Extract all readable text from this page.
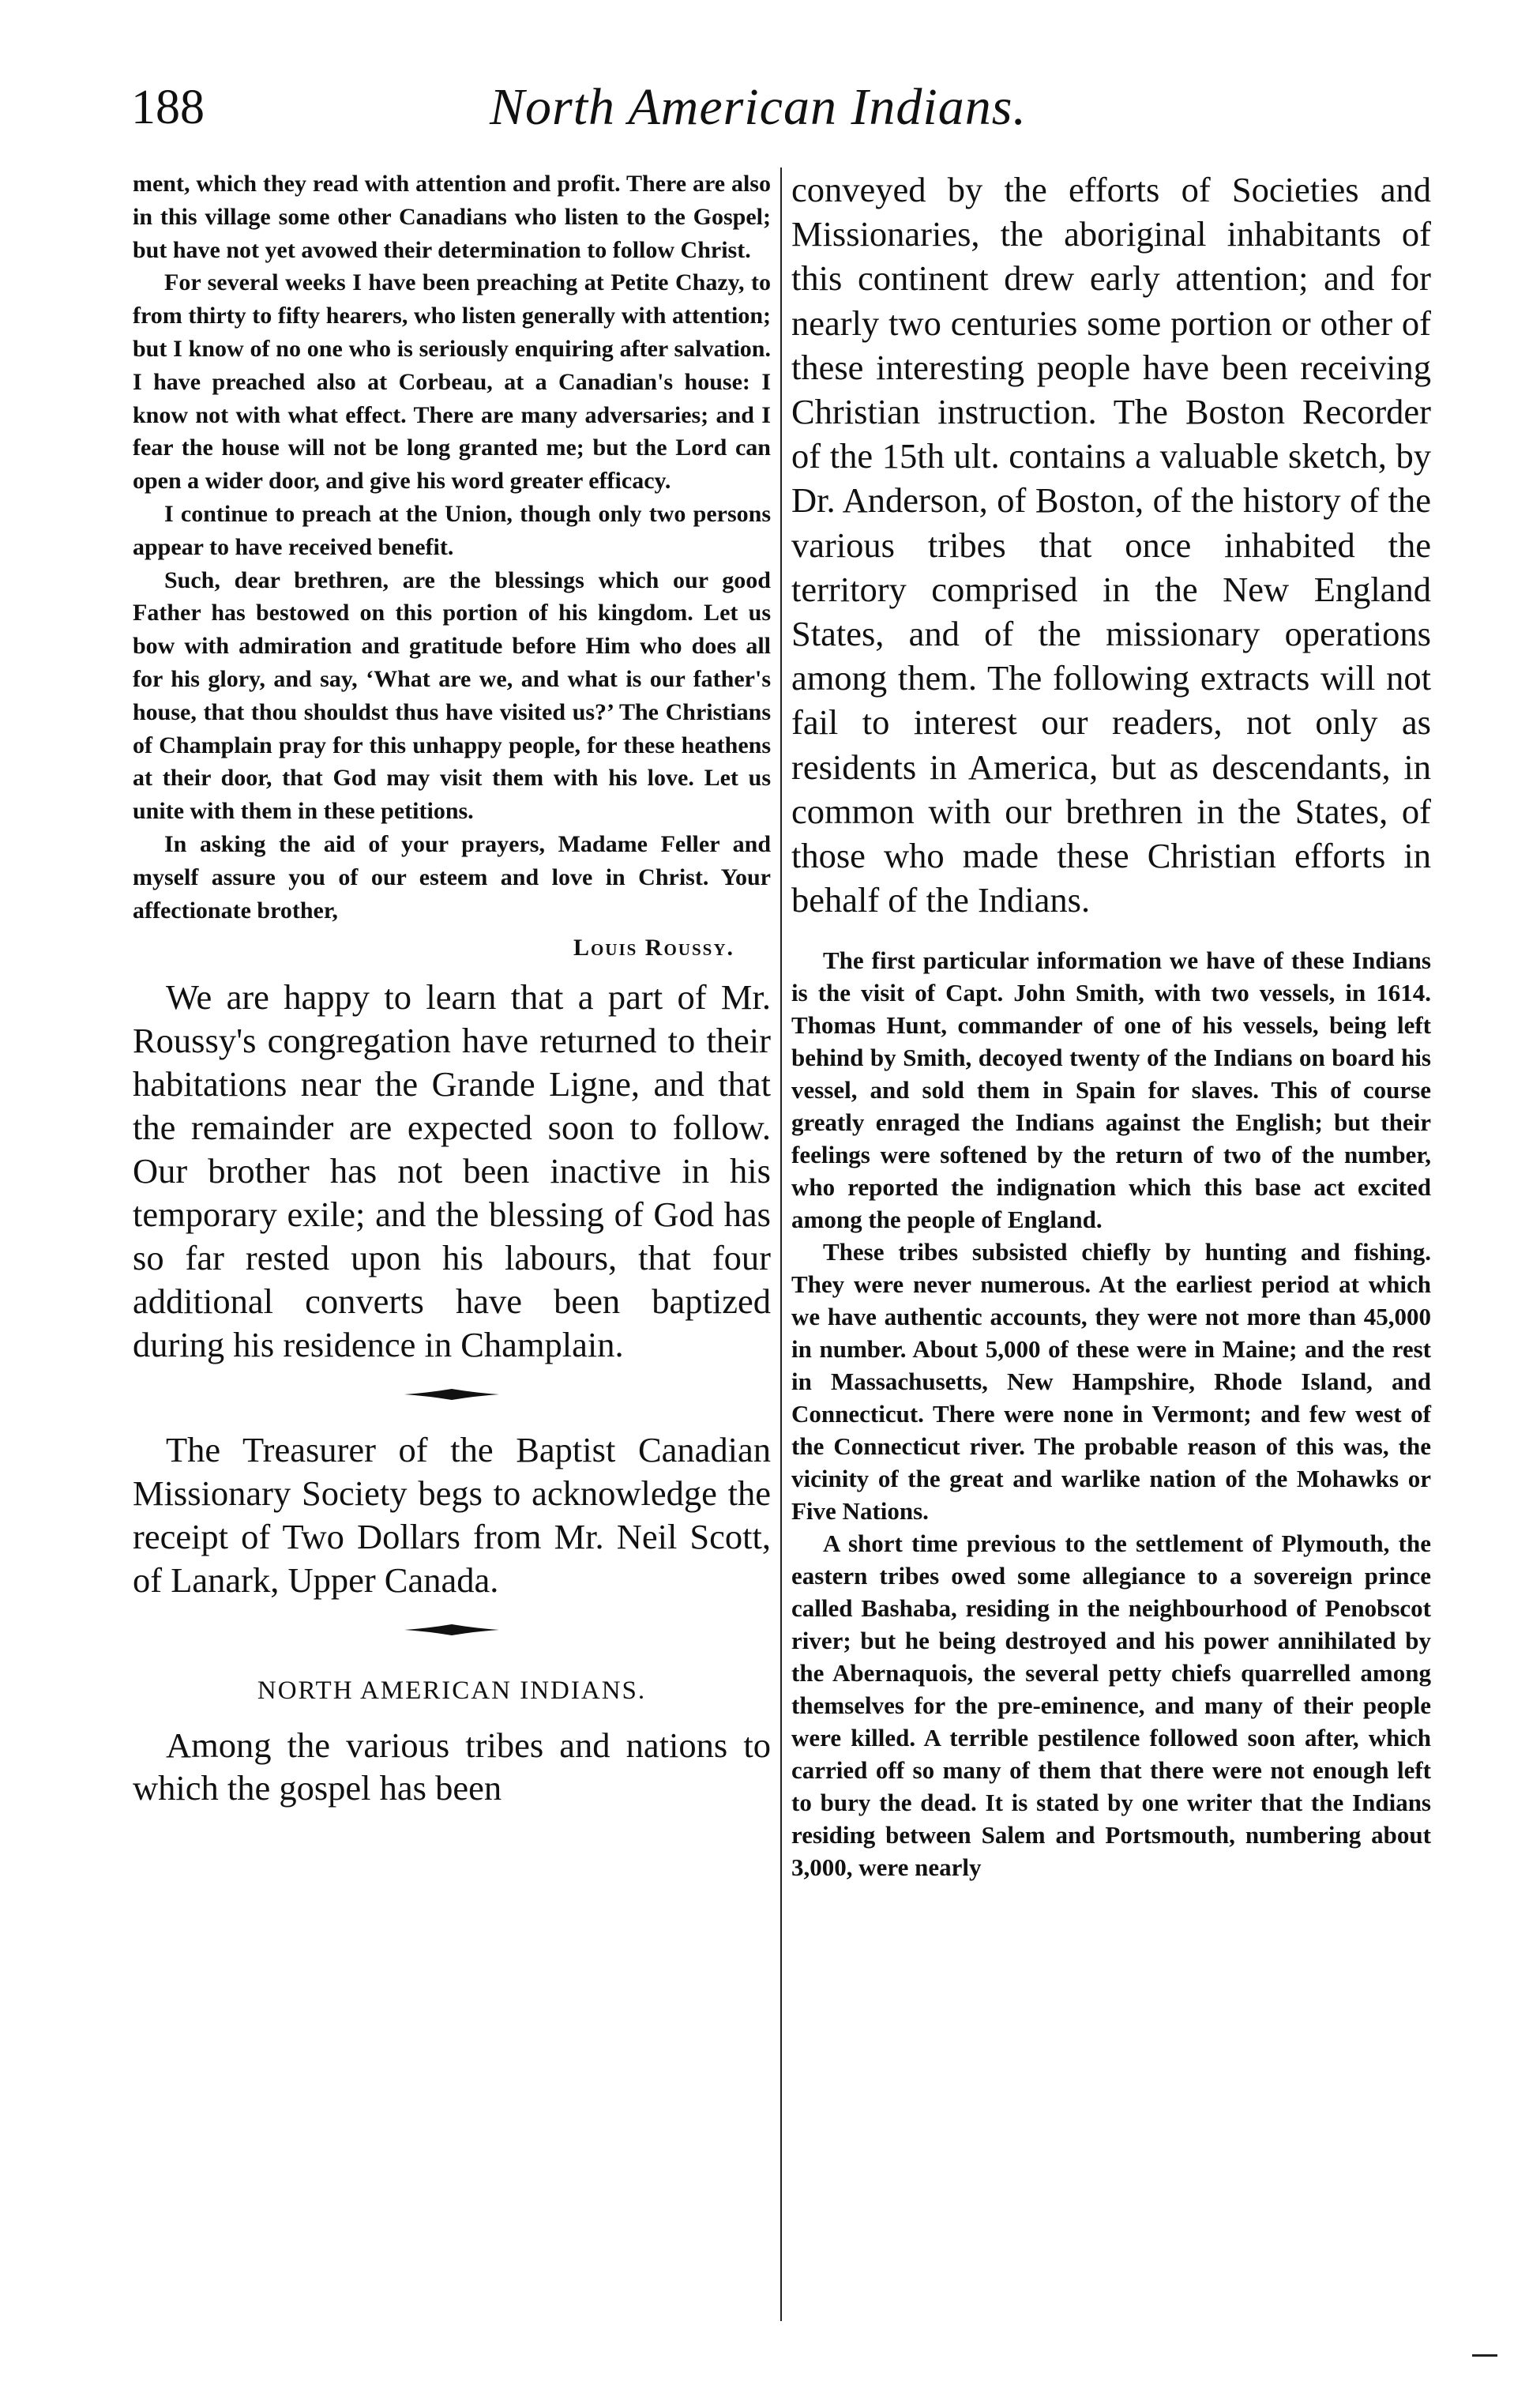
188	North American Indians.

ment, which they read with attention and profit. There are also in this village some other Canadians who listen to the Gospel; but have not yet avowed their determination to follow Christ.

For several weeks I have been preaching at Petite Chazy, to from thirty to fifty hearers, who listen generally with attention; but I know of no one who is seriously enquiring after salvation. I have preached also at Corbeau, at a Canadian's house: I know not with what effect. There are many adversaries; and I fear the house will not be long granted me; but the Lord can open a wider door, and give his word greater efficacy.

I continue to preach at the Union, though only two persons appear to have received benefit.

Such, dear brethren, are the blessings which our good Father has bestowed on this portion of his kingdom. Let us bow with admiration and gratitude before Him who does all for his glory, and say, ‘What are we, and what is our father's house, that thou shouldst thus have visited us?’ The Christians of Champlain pray for this unhappy people, for these heathens at their door, that God may visit them with his love. Let us unite with them in these petitions.

In asking the aid of your prayers, Madame Feller and myself assure you of our esteem and love in Christ. Your affectionate brother,

Louis Roussy.

We are happy to learn that a part of Mr. Roussy's congregation have returned to their habitations near the Grande Ligne, and that the remainder are expected soon to follow. Our brother has not been inactive in his temporary exile; and the blessing of God has so far rested upon his labours, that four additional converts have been baptized during his residence in Champlain.

The Treasurer of the Baptist Canadian Missionary Society begs to acknowledge the receipt of Two Dollars from Mr. Neil Scott, of Lanark, Upper Canada.

NORTH AMERICAN INDIANS.

Among the various tribes and nations to which the gospel has been

conveyed by the efforts of Societies and Missionaries, the aboriginal inhabitants of this continent drew early attention; and for nearly two centuries some portion or other of these interesting people have been receiving Christian instruction. The Boston Recorder of the 15th ult. contains a valuable sketch, by Dr. Anderson, of Boston, of the history of the various tribes that once inhabited the territory comprised in the New England States, and of the missionary operations among them. The following extracts will not fail to interest our readers, not only as residents in America, but as descendants, in common with our brethren in the States, of those who made these Christian efforts in behalf of the Indians.

The first particular information we have of these Indians is the visit of Capt. John Smith, with two vessels, in 1614. Thomas Hunt, commander of one of his vessels, being left behind by Smith, decoyed twenty of the Indians on board his vessel, and sold them in Spain for slaves. This of course greatly enraged the Indians against the English; but their feelings were softened by the return of two of the number, who reported the indignation which this base act excited among the people of England.

These tribes subsisted chiefly by hunting and fishing. They were never numerous. At the earliest period at which we have authentic accounts, they were not more than 45,000 in number. About 5,000 of these were in Maine; and the rest in Massachusetts, New Hampshire, Rhode Island, and Connecticut. There were none in Vermont; and few west of the Connecticut river. The probable reason of this was, the vicinity of the great and warlike nation of the Mohawks or Five Nations.

A short time previous to the settlement of Plymouth, the eastern tribes owed some allegiance to a sovereign prince called Bashaba, residing in the neighbourhood of Penobscot river; but he being destroyed and his power annihilated by the Abernaquois, the several petty chiefs quarrelled among themselves for the pre-eminence, and many of their people were killed. A terrible pestilence followed soon after, which carried off so many of them that there were not enough left to bury the dead. It is stated by one writer that the Indians residing between Salem and Portsmouth, numbering about 3,000, were nearly
